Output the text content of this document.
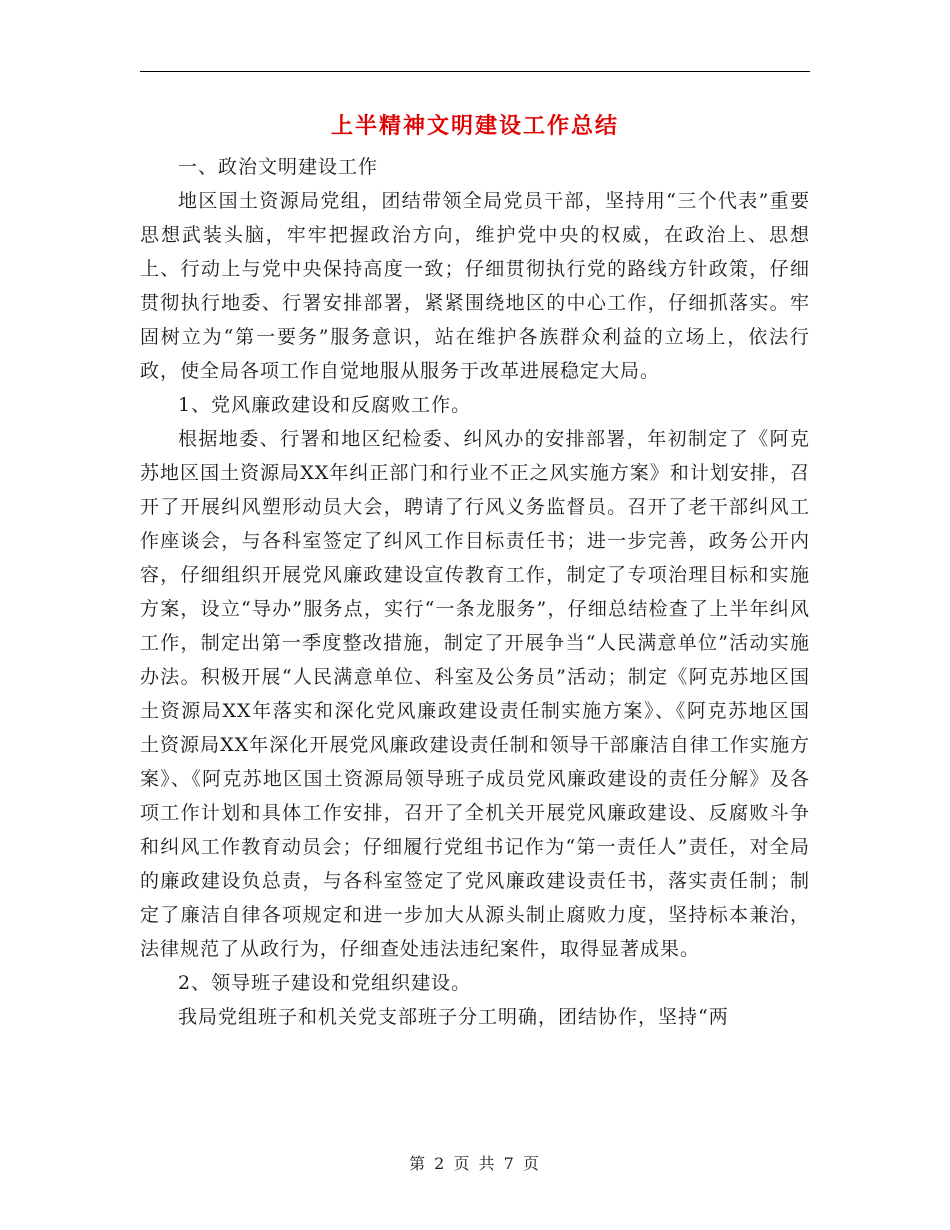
上半精神文明建设工作总结

一、政治文明建设工作

地区国土资源局党组，团结带领全局党员干部，坚持用“三个代表”重要思想武装头脑，牢牢把握政治方向，维护党中央的权威，在政治上、思想上、行动上与党中央保持高度一致；仔细贯彻执行党的路线方针政策，仔细贯彻执行地委、行署安排部署，紧紧围绕地区的中心工作，仔细抓落实。牢固树立为“第一要务”服务意识，站在维护各族群众利益的立场上，依法行政，使全局各项工作自觉地服从服务于改革进展稳定大局。

1、党风廉政建设和反腐败工作。

根据地委、行署和地区纪检委、纠风办的安排部署，年初制定了《阿克苏地区国土资源局XX年纠正部门和行业不正之风实施方案》和计划安排，召开了开展纠风塑形动员大会，聘请了行风义务监督员。召开了老干部纠风工作座谈会，与各科室签定了纠风工作目标责任书；进一步完善，政务公开内容，仔细组织开展党风廉政建设宣传教育工作，制定了专项治理目标和实施方案，设立“导办”服务点，实行“一条龙服务”，仔细总结检查了上半年纠风工作，制定出第一季度整改措施，制定了开展争当“人民满意单位”活动实施办法。积极开展“人民满意单位、科室及公务员”活动；制定《阿克苏地区国土资源局XX年落实和深化党风廉政建设责任制实施方案》、《阿克苏地区国土资源局XX年深化开展党风廉政建设责任制和领导干部廉洁自律工作实施方案》、《阿克苏地区国土资源局领导班子成员党风廉政建设的责任分解》及各项工作计划和具体工作安排，召开了全机关开展党风廉政建设、反腐败斗争和纠风工作教育动员会；仔细履行党组书记作为“第一责任人”责任，对全局的廉政建设负总责，与各科室签定了党风廉政建设责任书，落实责任制；制定了廉洁自律各项规定和进一步加大从源头制止腐败力度，坚持标本兼治，法律规范了从政行为，仔细查处违法违纪案件，取得显著成果。

2、领导班子建设和党组织建设。

我局党组班子和机关党支部班子分工明确，团结协作，坚持“两

第 2 页 共 7 页
